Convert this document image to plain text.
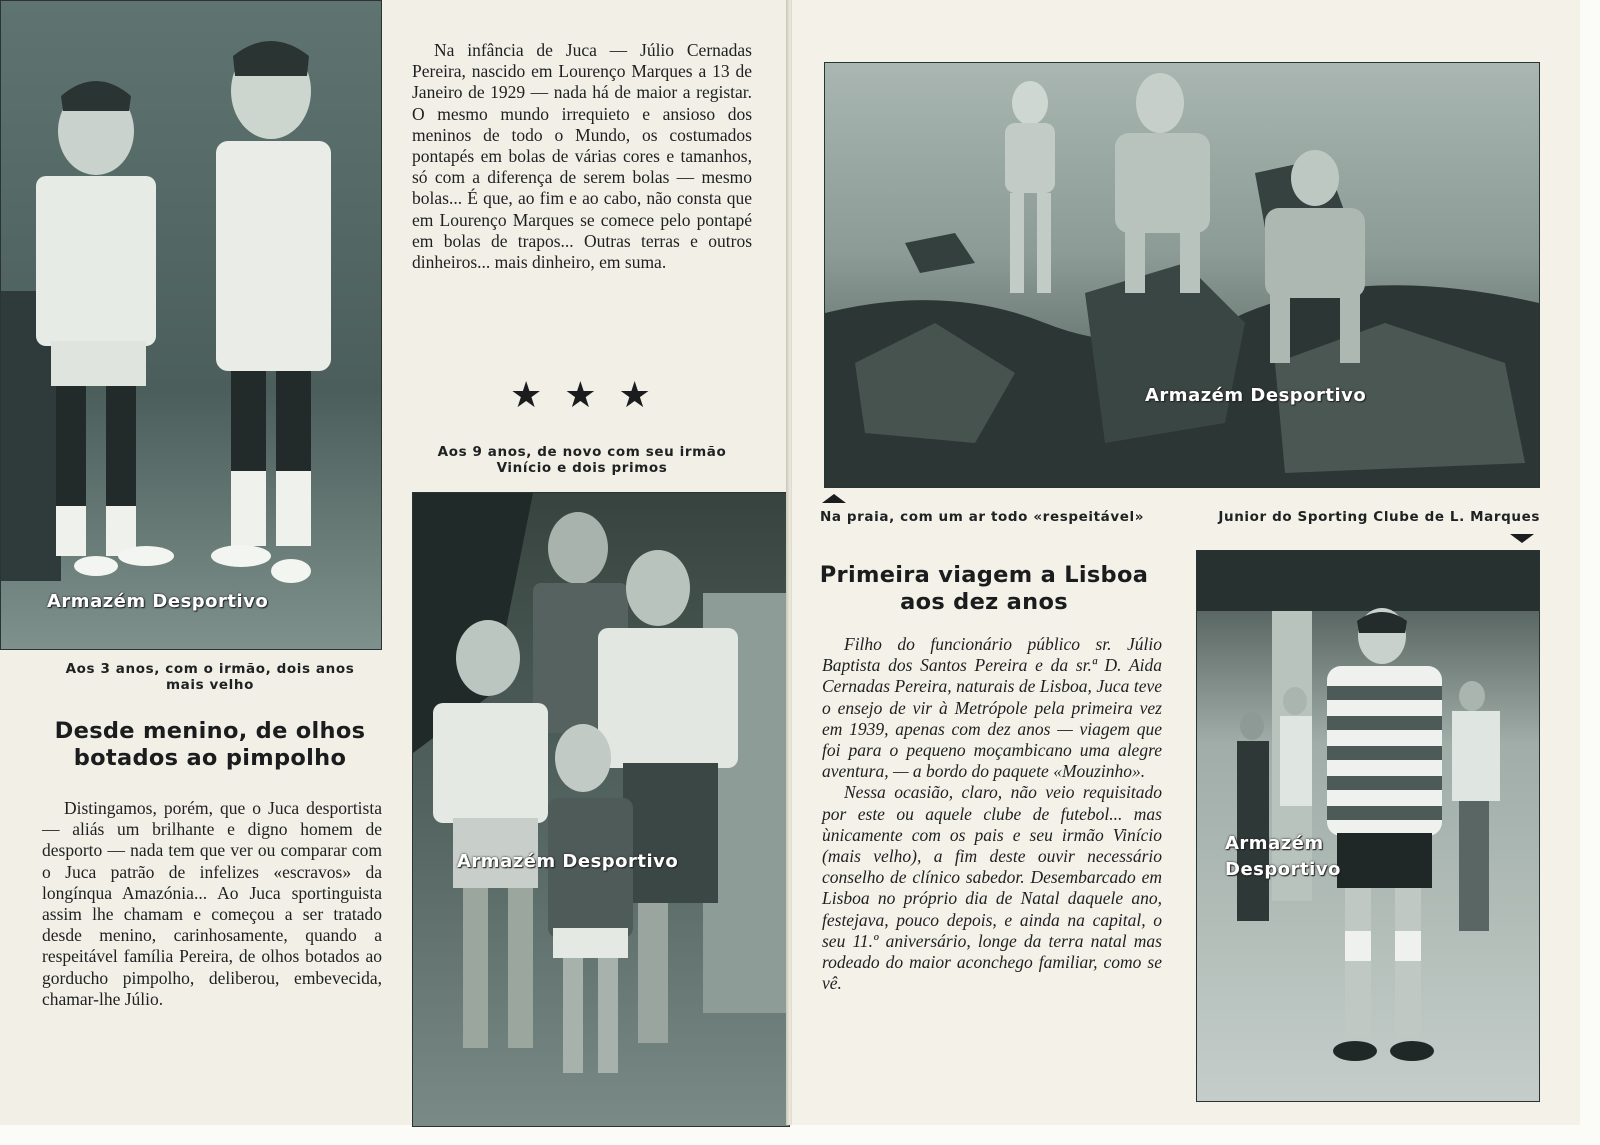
Armazém Desportivo
Aos 3 anos, com o irmão, dois anos mais velho

Na infância de Juca — Júlio Cernadas Pereira, nascido em Lourenço Marques a 13 de Janeiro de 1929 — nada há de maior a registar. O mesmo mundo irrequieto e ansioso dos meninos de todo o Mundo, os costumados pontapés em bolas de várias cores e tamanhos, só com a diferença de serem bolas — mesmo bolas... É que, ao fim e ao cabo, não consta que em Lourenço Marques se comece pelo pontapé em bolas de trapos... Outras terras e outros dinheiros... mais dinheiro, em suma.

★★★
Aos 9 anos, de novo com seu irmão Vinício e dois primos
Armazém Desportivo
Desde menino, de olhos botados ao pimpolho

Distingamos, porém, que o Juca desportista — aliás um brilhante e digno homem de desporto — nada tem que ver ou comparar com o Juca patrão de infelizes «escravos» da longínqua Amazónia... Ao Juca sportinguista assim lhe chamam e começou a ser tratado desde menino, carinhosamente, quando a respeitável família Pereira, de olhos botados ao gorducho pimpolho, deliberou, embevecida, chamar-lhe Júlio.

Armazém Desportivo
Na praia, com um ar todo «respeitável»	Junior do Sporting Clube de L. Marques
Primeira viagem a Lisboa aos dez anos

Filho do funcionário público sr. Júlio Baptista dos Santos Pereira e da sr.ª D. Aida Cernadas Pereira, naturais de Lisboa, Juca teve o ensejo de vir à Metrópole pela primeira vez em 1939, apenas com dez anos — viagem que foi para o pequeno moçambicano uma alegre aventura, — a bordo do paquete «Mouzinho».

Nessa ocasião, claro, não veio requisitado por este ou aquele clube de futebol... mas ùnicamente com os pais e seu irmão Vinício (mais velho), a fim deste ouvir necessário conselho de clínico sabedor. Desembarcado em Lisboa no próprio dia de Natal daquele ano, festejava, pouco depois, e ainda na capital, o seu 11.º aniversário, longe da terra natal mas rodeado do maior aconchego familiar, como se vê.

Armazém
Desportivo
